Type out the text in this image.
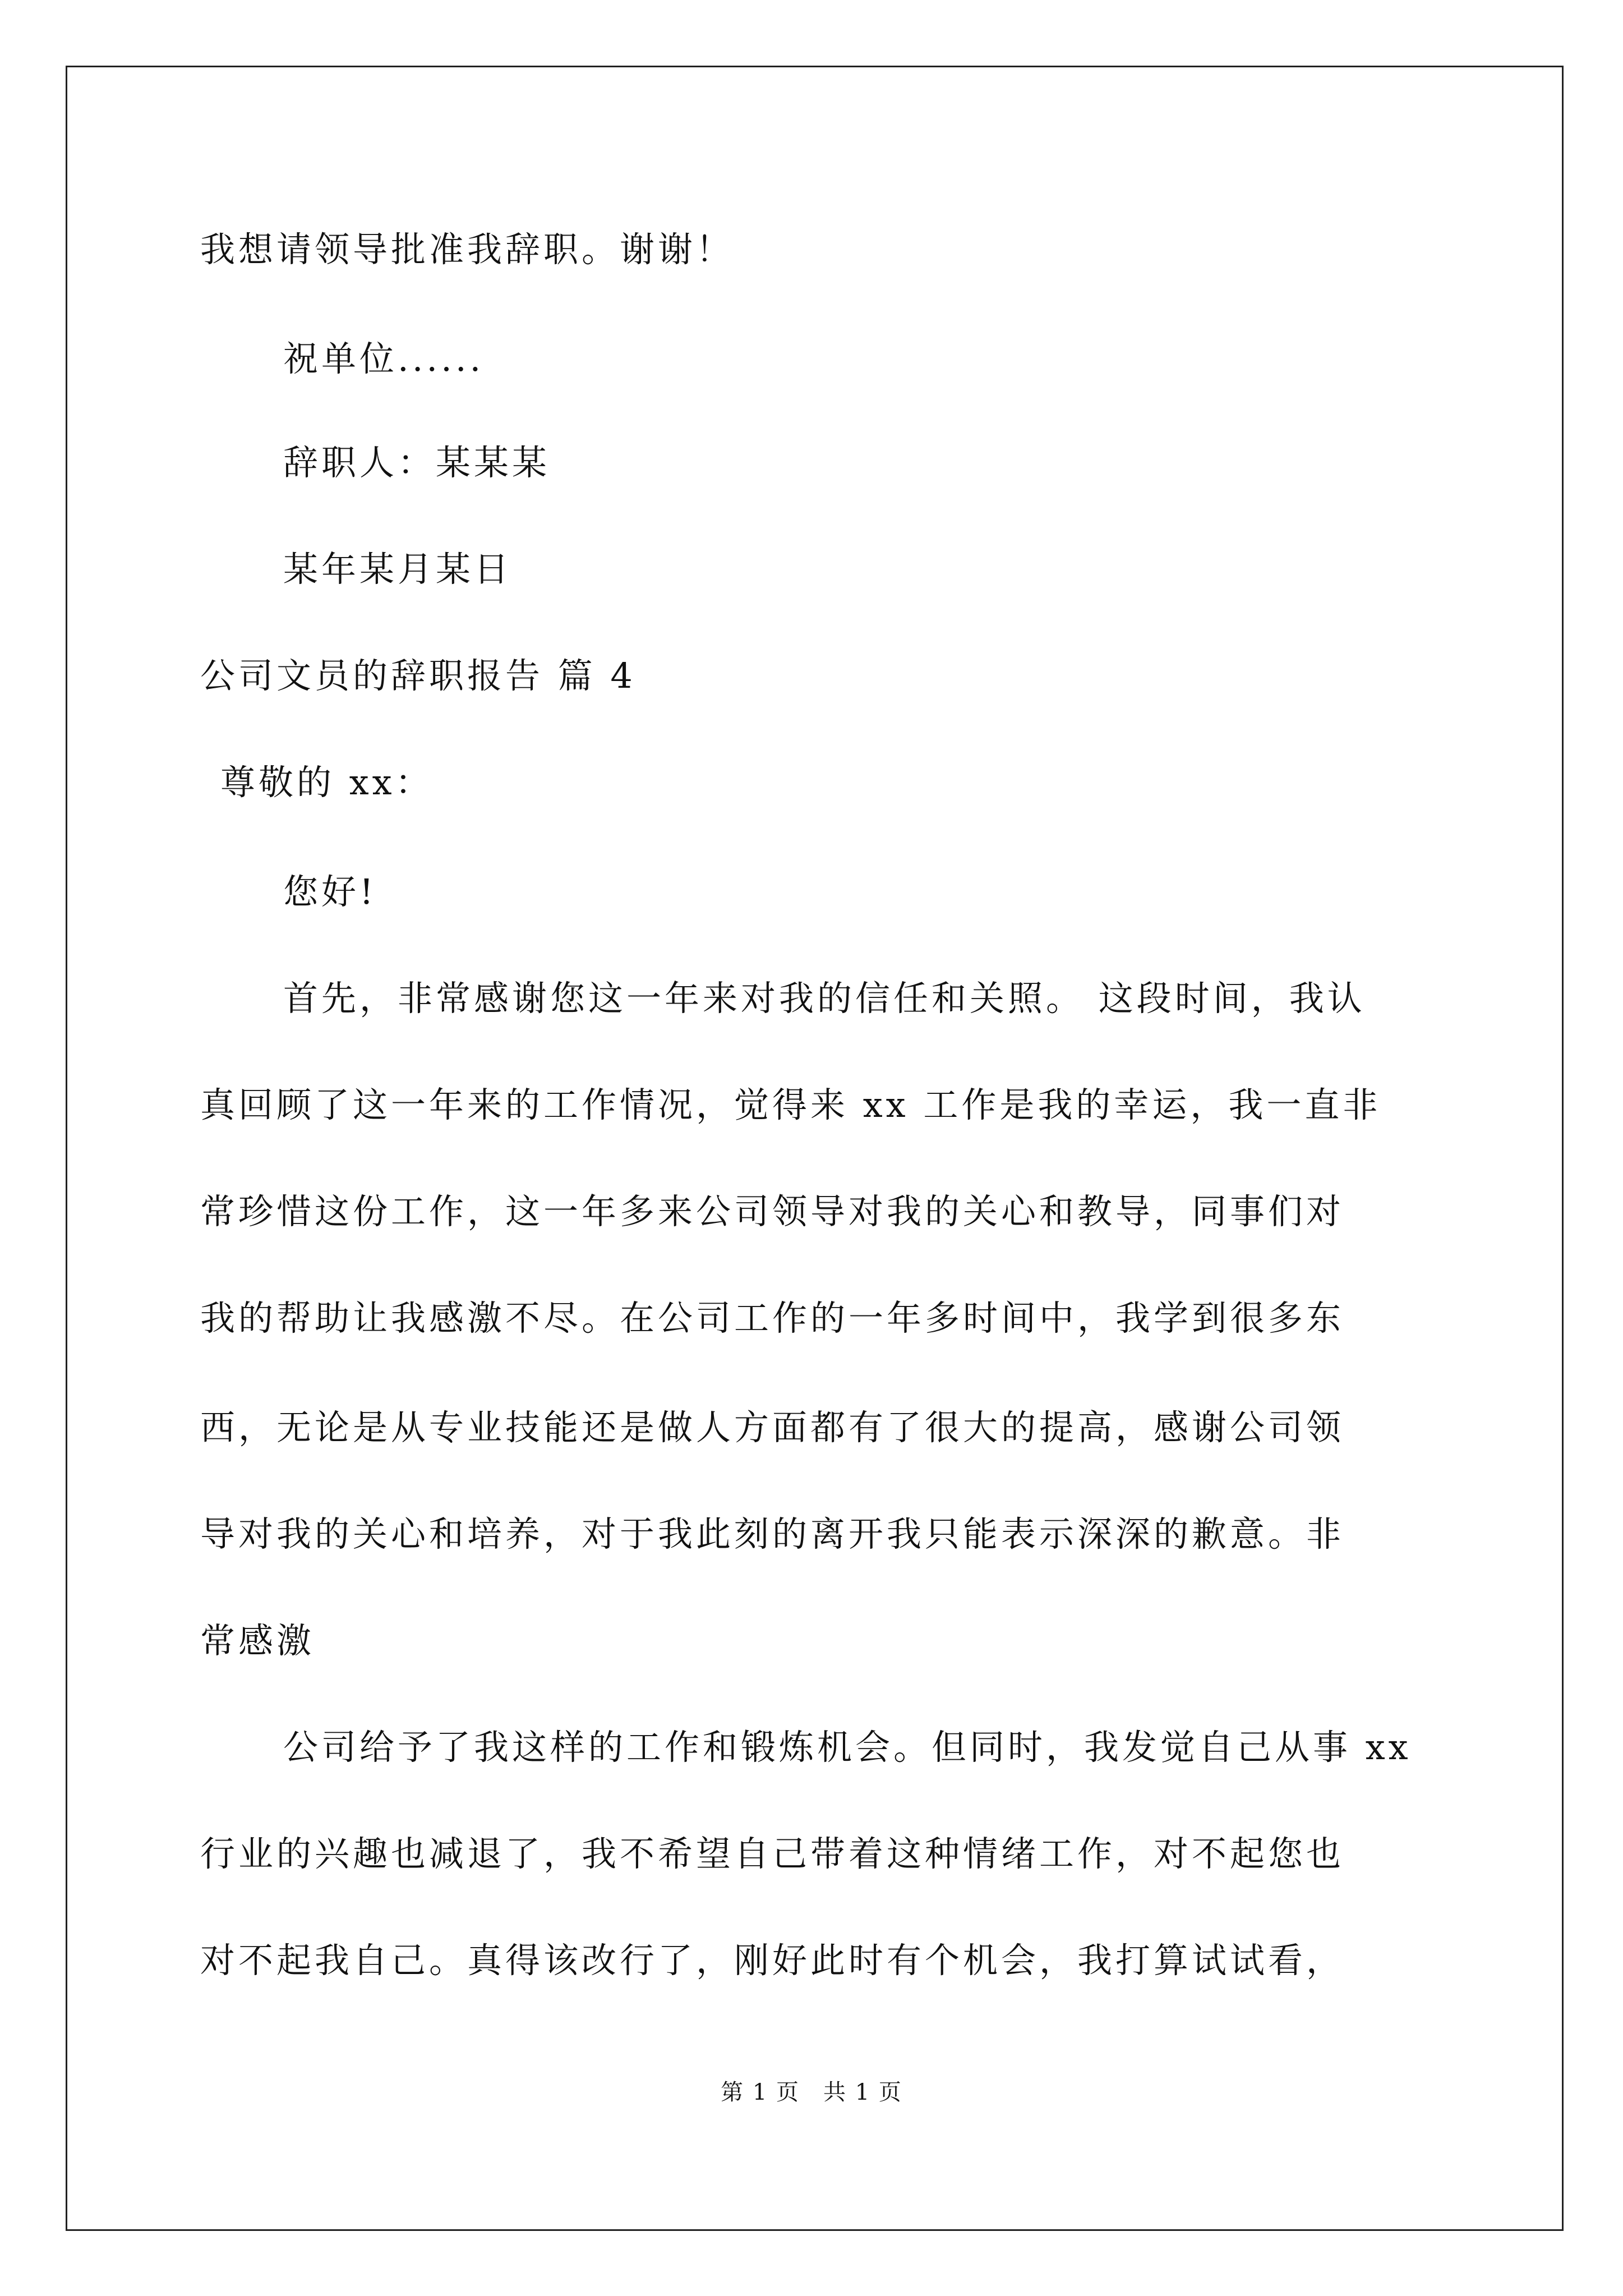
我想请领导批准我辞职。谢谢！
祝单位......
辞职人：某某某
某年某月某日
公司文员的辞职报告 篇 4
尊敬的 xx：
您好!
首先，非常感谢您这一年来对我的信任和关照。 这段时间，我认
真回顾了这一年来的工作情况，觉得来 xx 工作是我的幸运，我一直非
常珍惜这份工作，这一年多来公司领导对我的关心和教导，同事们对
我的帮助让我感激不尽。在公司工作的一年多时间中，我学到很多东
西，无论是从专业技能还是做人方面都有了很大的提高，感谢公司领
导对我的关心和培养，对于我此刻的离开我只能表示深深的歉意。非
常感激
公司给予了我这样的工作和锻炼机会。但同时，我发觉自己从事 xx
行业的兴趣也减退了，我不希望自己带着这种情绪工作，对不起您也
对不起我自己。真得该改行了，刚好此时有个机会，我打算试试看，
第 1 页　共 1 页
